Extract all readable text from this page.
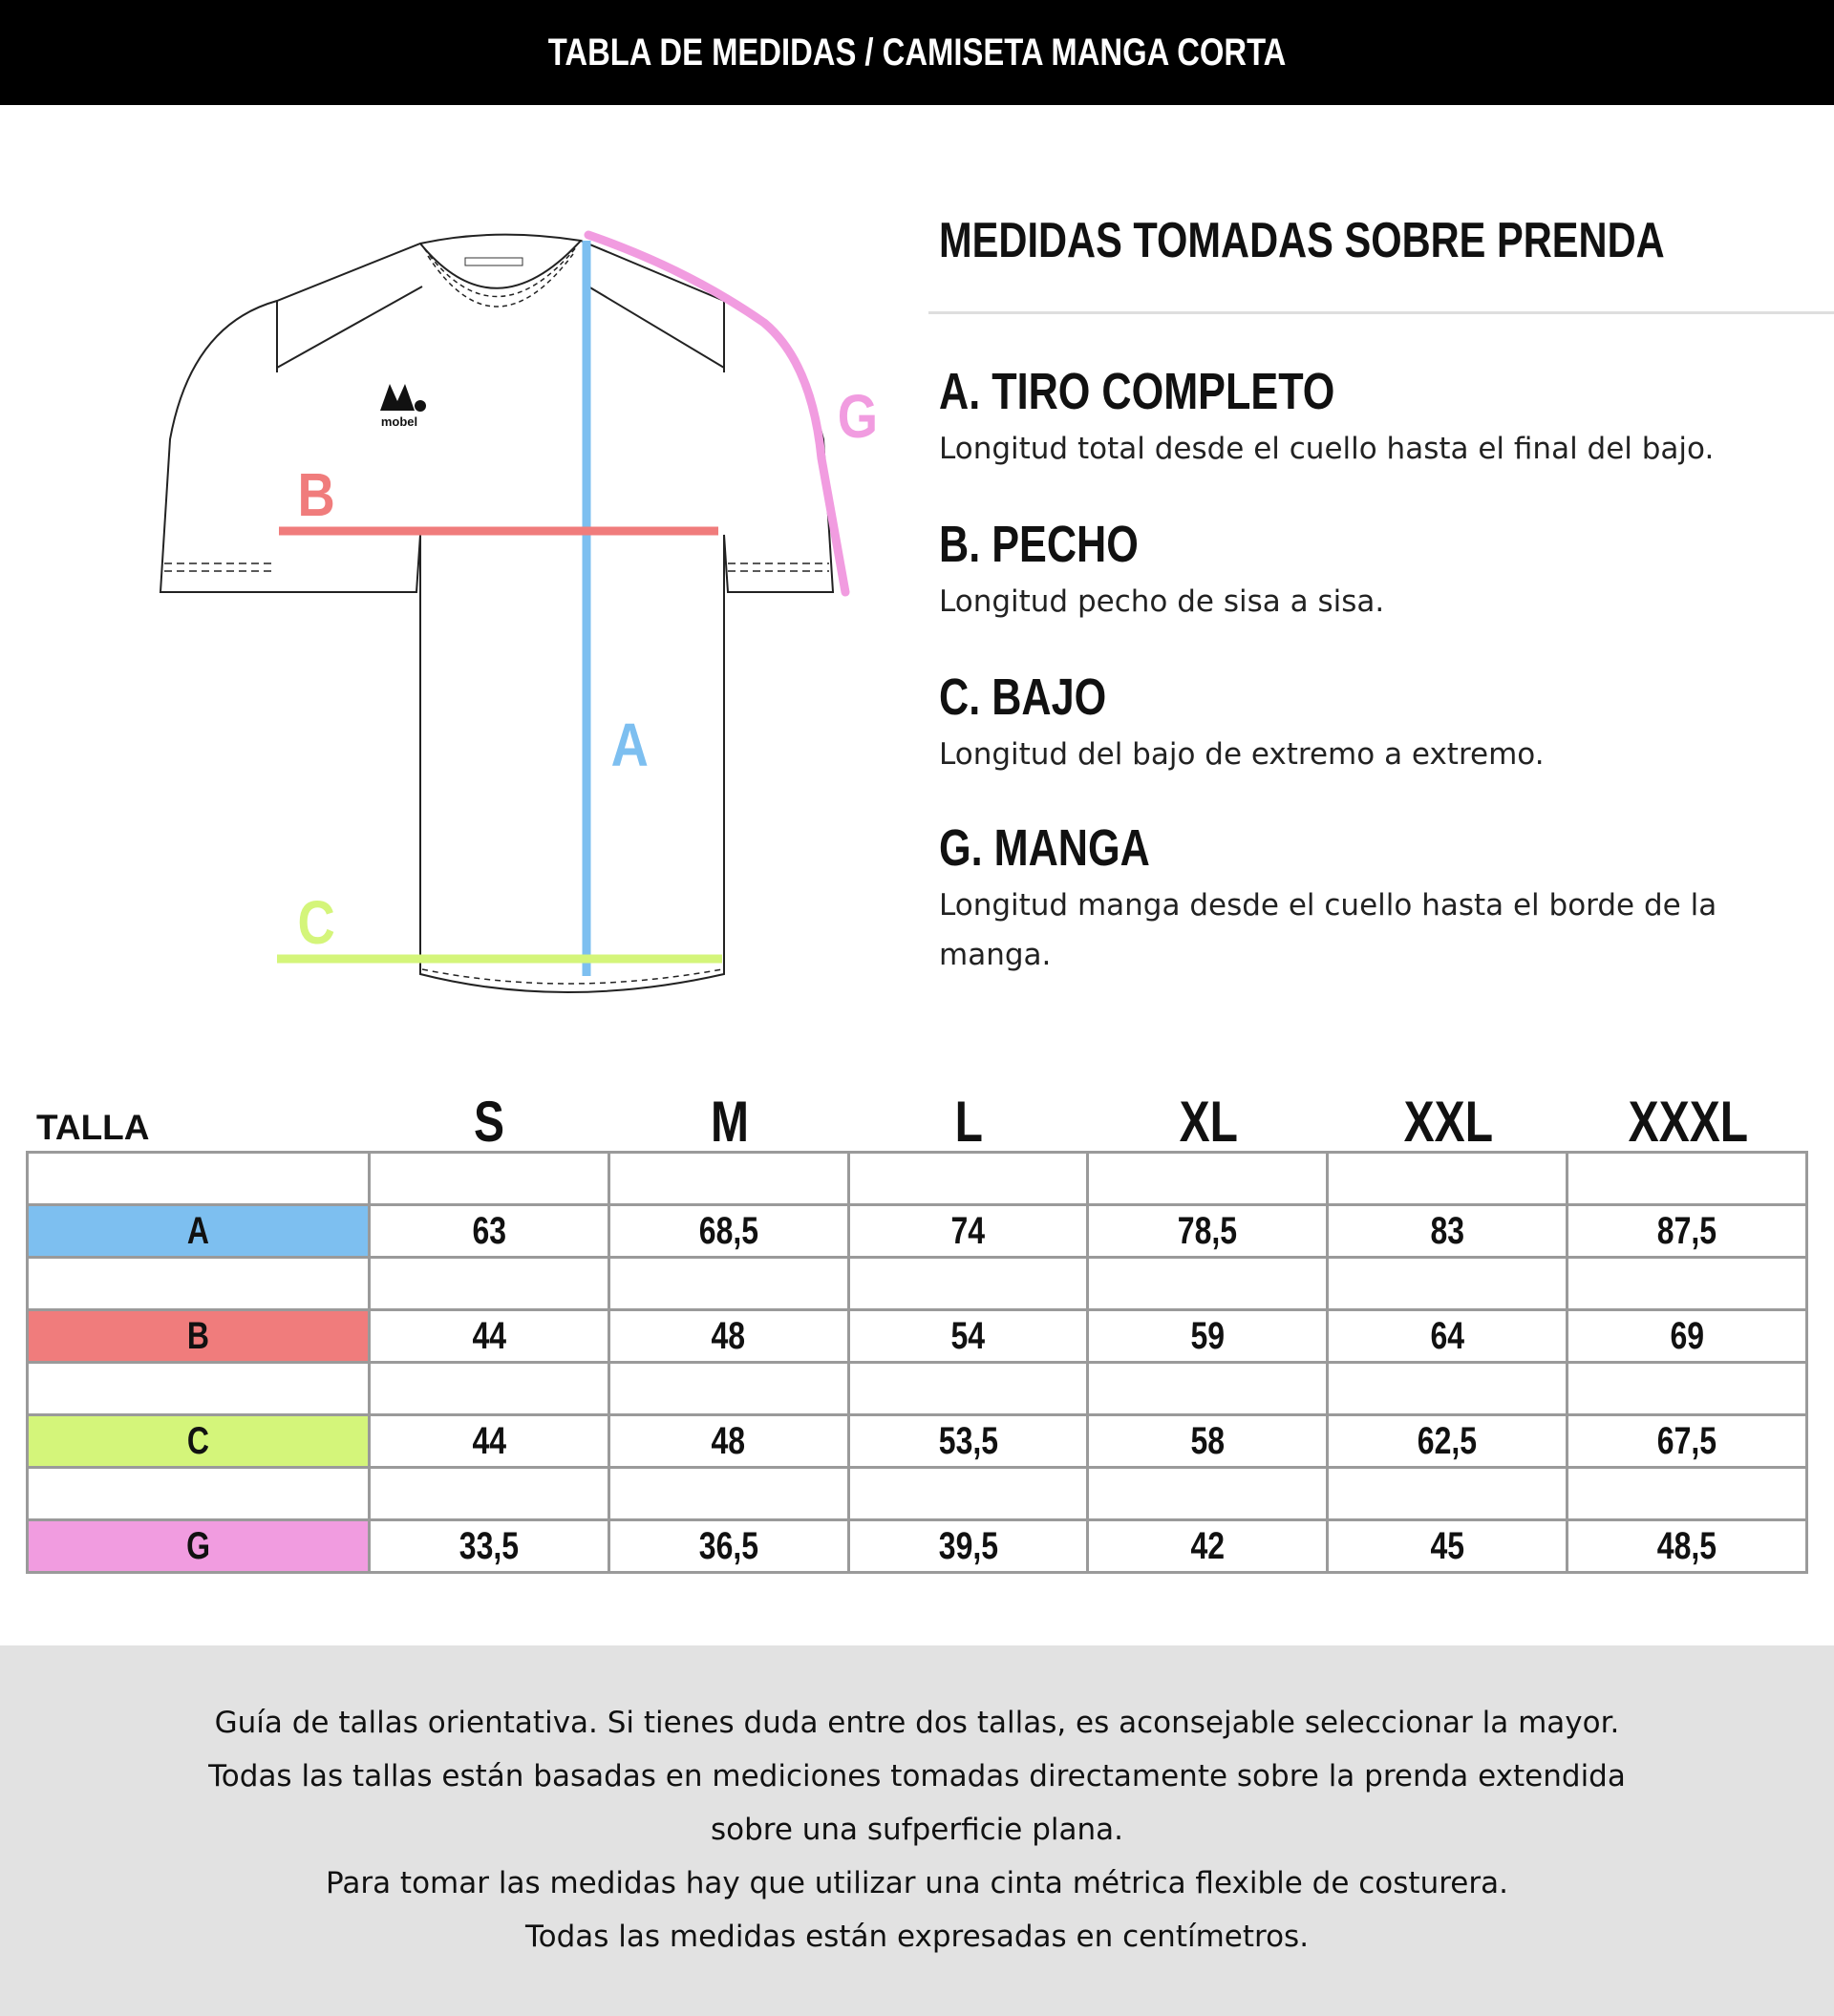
TABLA DE MEDIDAS / CAMISETA MANGA CORTA
mobel
A
B
C
G
MEDIDAS TOMADAS SOBRE PRENDA
A. TIRO COMPLETO
Longitud total desde el cuello hasta el final del bajo.
B. PECHO
Longitud pecho de sisa a sisa.
C. BAJO
Longitud del bajo de extremo a extremo.
G. MANGA
Longitud manga desde el cuello hasta el borde de la manga.
TALLA	S	M	L	XL	XXL	XXXL

A	63	68,5	74	78,5	83	87,5

B	44	48	54	59	64	69

C	44	48	53,5	58	62,5	67,5

G	33,5	36,5	39,5	42	45	48,5
Guía de tallas orientativa. Si tienes duda entre dos tallas, es aconsejable seleccionar la mayor.
Todas las tallas están basadas en mediciones tomadas directamente sobre la prenda extendida
sobre una sufperficie plana.
Para tomar las medidas hay que utilizar una cinta métrica flexible de costurera.
Todas las medidas están expresadas en centímetros.
